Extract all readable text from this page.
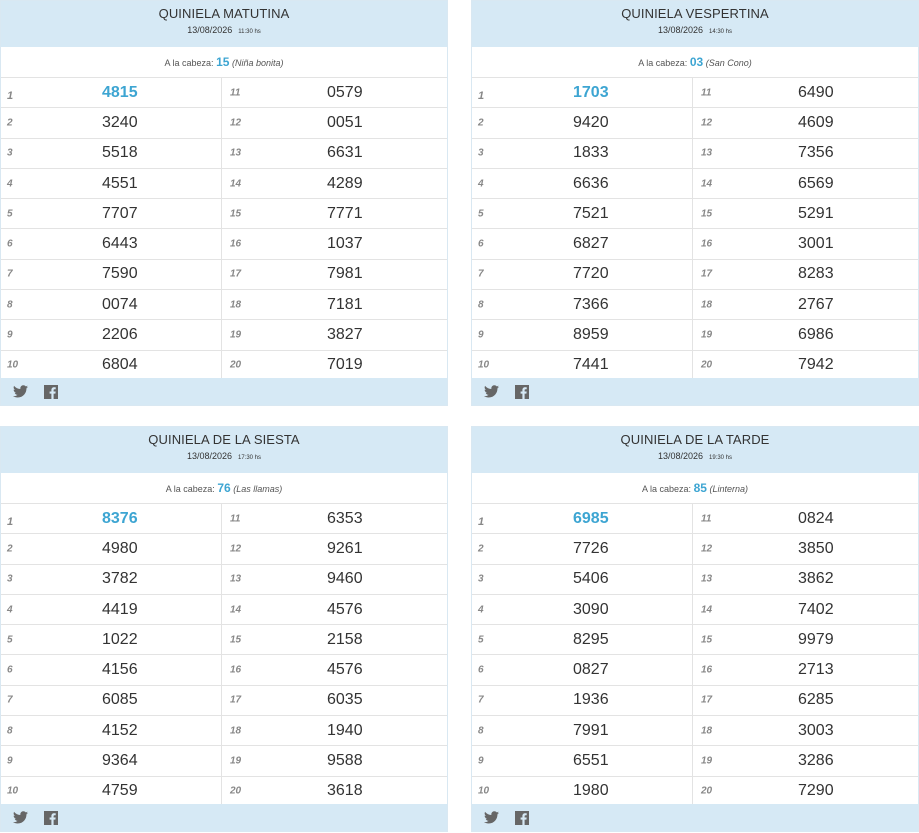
QUINIELA MATUTINA
13/08/2026 11:30 hs
A la cabeza: 15 (Niña bonita)
1	4815	11	0579
2	3240	12	0051
3	5518	13	6631
4	4551	14	4289
5	7707	15	7771
6	6443	16	1037
7	7590	17	7981
8	0074	18	7181
9	2206	19	3827
10	6804	20	7019
QUINIELA VESPERTINA
13/08/2026 14:30 hs
A la cabeza: 03 (San Cono)
1	1703	11	6490
2	9420	12	4609
3	1833	13	7356
4	6636	14	6569
5	7521	15	5291
6	6827	16	3001
7	7720	17	8283
8	7366	18	2767
9	8959	19	6986
10	7441	20	7942
QUINIELA DE LA SIESTA
13/08/2026 17:30 hs
A la cabeza: 76 (Las llamas)
1	8376	11	6353
2	4980	12	9261
3	3782	13	9460
4	4419	14	4576
5	1022	15	2158
6	4156	16	4576
7	6085	17	6035
8	4152	18	1940
9	9364	19	9588
10	4759	20	3618
QUINIELA DE LA TARDE
13/08/2026 19:30 hs
A la cabeza: 85 (Linterna)
1	6985	11	0824
2	7726	12	3850
3	5406	13	3862
4	3090	14	7402
5	8295	15	9979
6	0827	16	2713
7	1936	17	6285
8	7991	18	3003
9	6551	19	3286
10	1980	20	7290
